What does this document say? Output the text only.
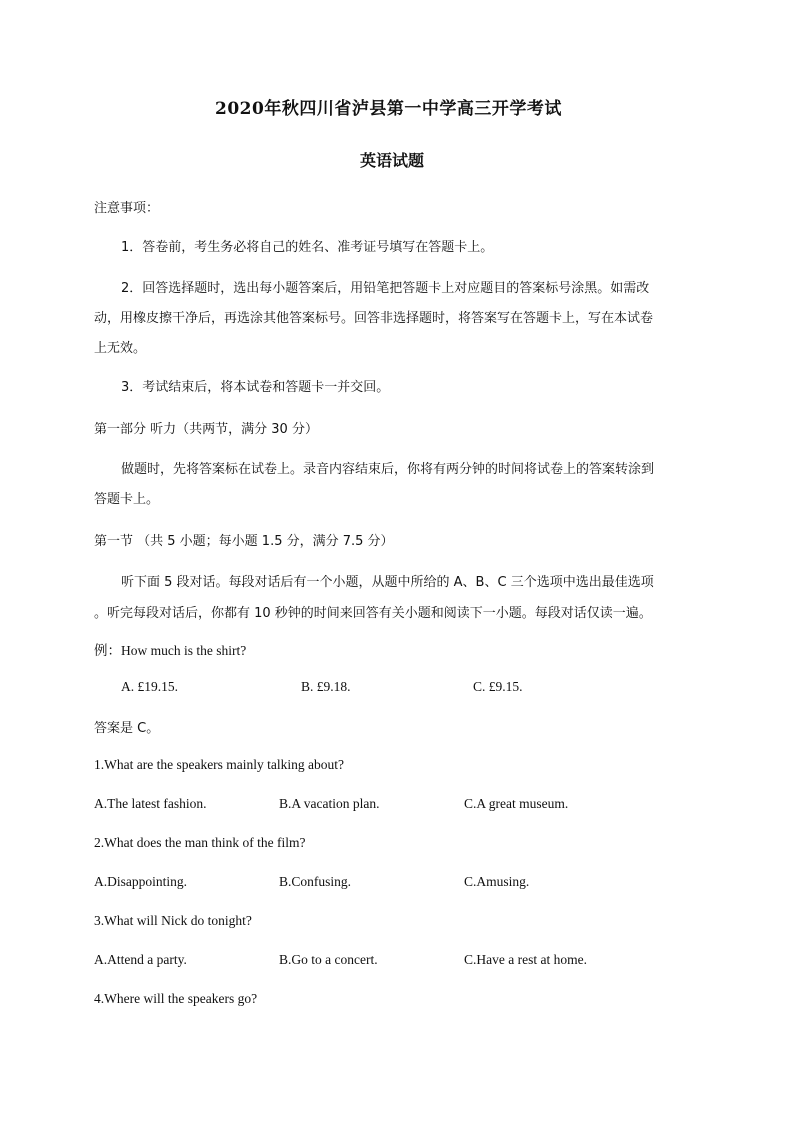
2020年秋四川省泸县第一中学高三开学考试
英语试题
注意事项：
1．答卷前，考生务必将自己的姓名、准考证号填写在答题卡上。
2．回答选择题时，选出每小题答案后，用铅笔把答题卡上对应题目的答案标号涂黑。如需改
动，用橡皮擦干净后，再选涂其他答案标号。回答非选择题时，将答案写在答题卡上，写在本试卷
上无效。
3．考试结束后，将本试卷和答题卡一并交回。
第一部分 听力（共两节，满分 30 分）
做题时，先将答案标在试卷上。录音内容结束后，你将有两分钟的时间将试卷上的答案转涂到
答题卡上。
第一节 （共 5 小题；每小题 1.5 分，满分 7.5 分）
听下面 5 段对话。每段对话后有一个小题，从题中所给的 A、B、C 三个选项中选出最佳选项
。听完每段对话后，你都有 10 秒钟的时间来回答有关小题和阅读下一小题。每段对话仅读一遍。
例：How much is the shirt?
A. £19.15.	B. £9.18.	C. £9.15.
答案是 C。
1.What are the speakers mainly talking about?
A.The latest fashion.	B.A vacation plan.	C.A great museum.
2.What does the man think of the film?
A.Disappointing.	B.Confusing.	C.Amusing.
3.What will Nick do tonight?
A.Attend a party.	B.Go to a concert.	C.Have a rest at home.
4.Where will the speakers go?
